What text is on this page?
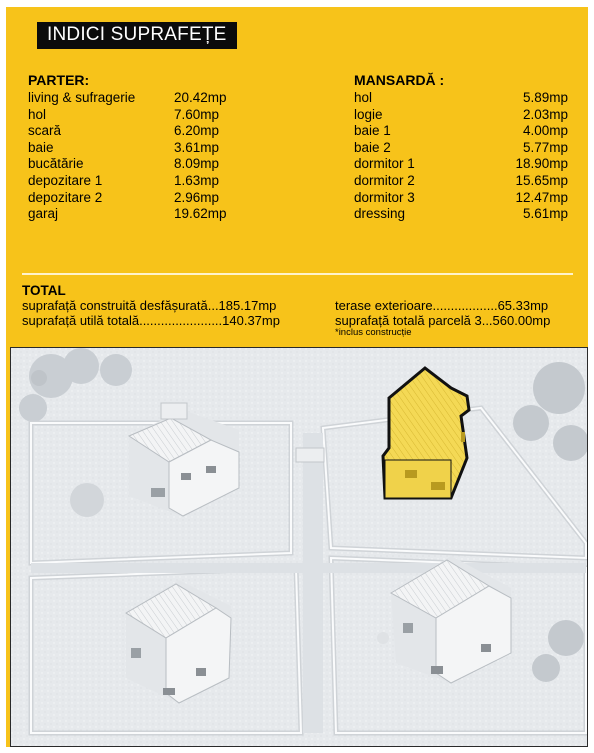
INDICI SUPRAFEȚE
PARTER:
living & sufragerie	20.42mp
hol	7.60mp
scară	6.20mp
baie	3.61mp
bucătărie	8.09mp
depozitare 1	1.63mp
depozitare 2	2.96mp
garaj	19.62mp
MANSARDĂ :
hol	5.89mp
logie	2.03mp
baie 1	4.00mp
baie 2	5.77mp
dormitor 1	18.90mp
dormitor 2	15.65mp
dormitor 3	12.47mp
dressing	5.61mp
TOTAL
suprafață construită desfășurată...185.17mp
suprafață utilă totală.......................140.37mp
terase exterioare..................65.33mp
suprafață totală parcelă 3...560.00mp
*inclus construcție
